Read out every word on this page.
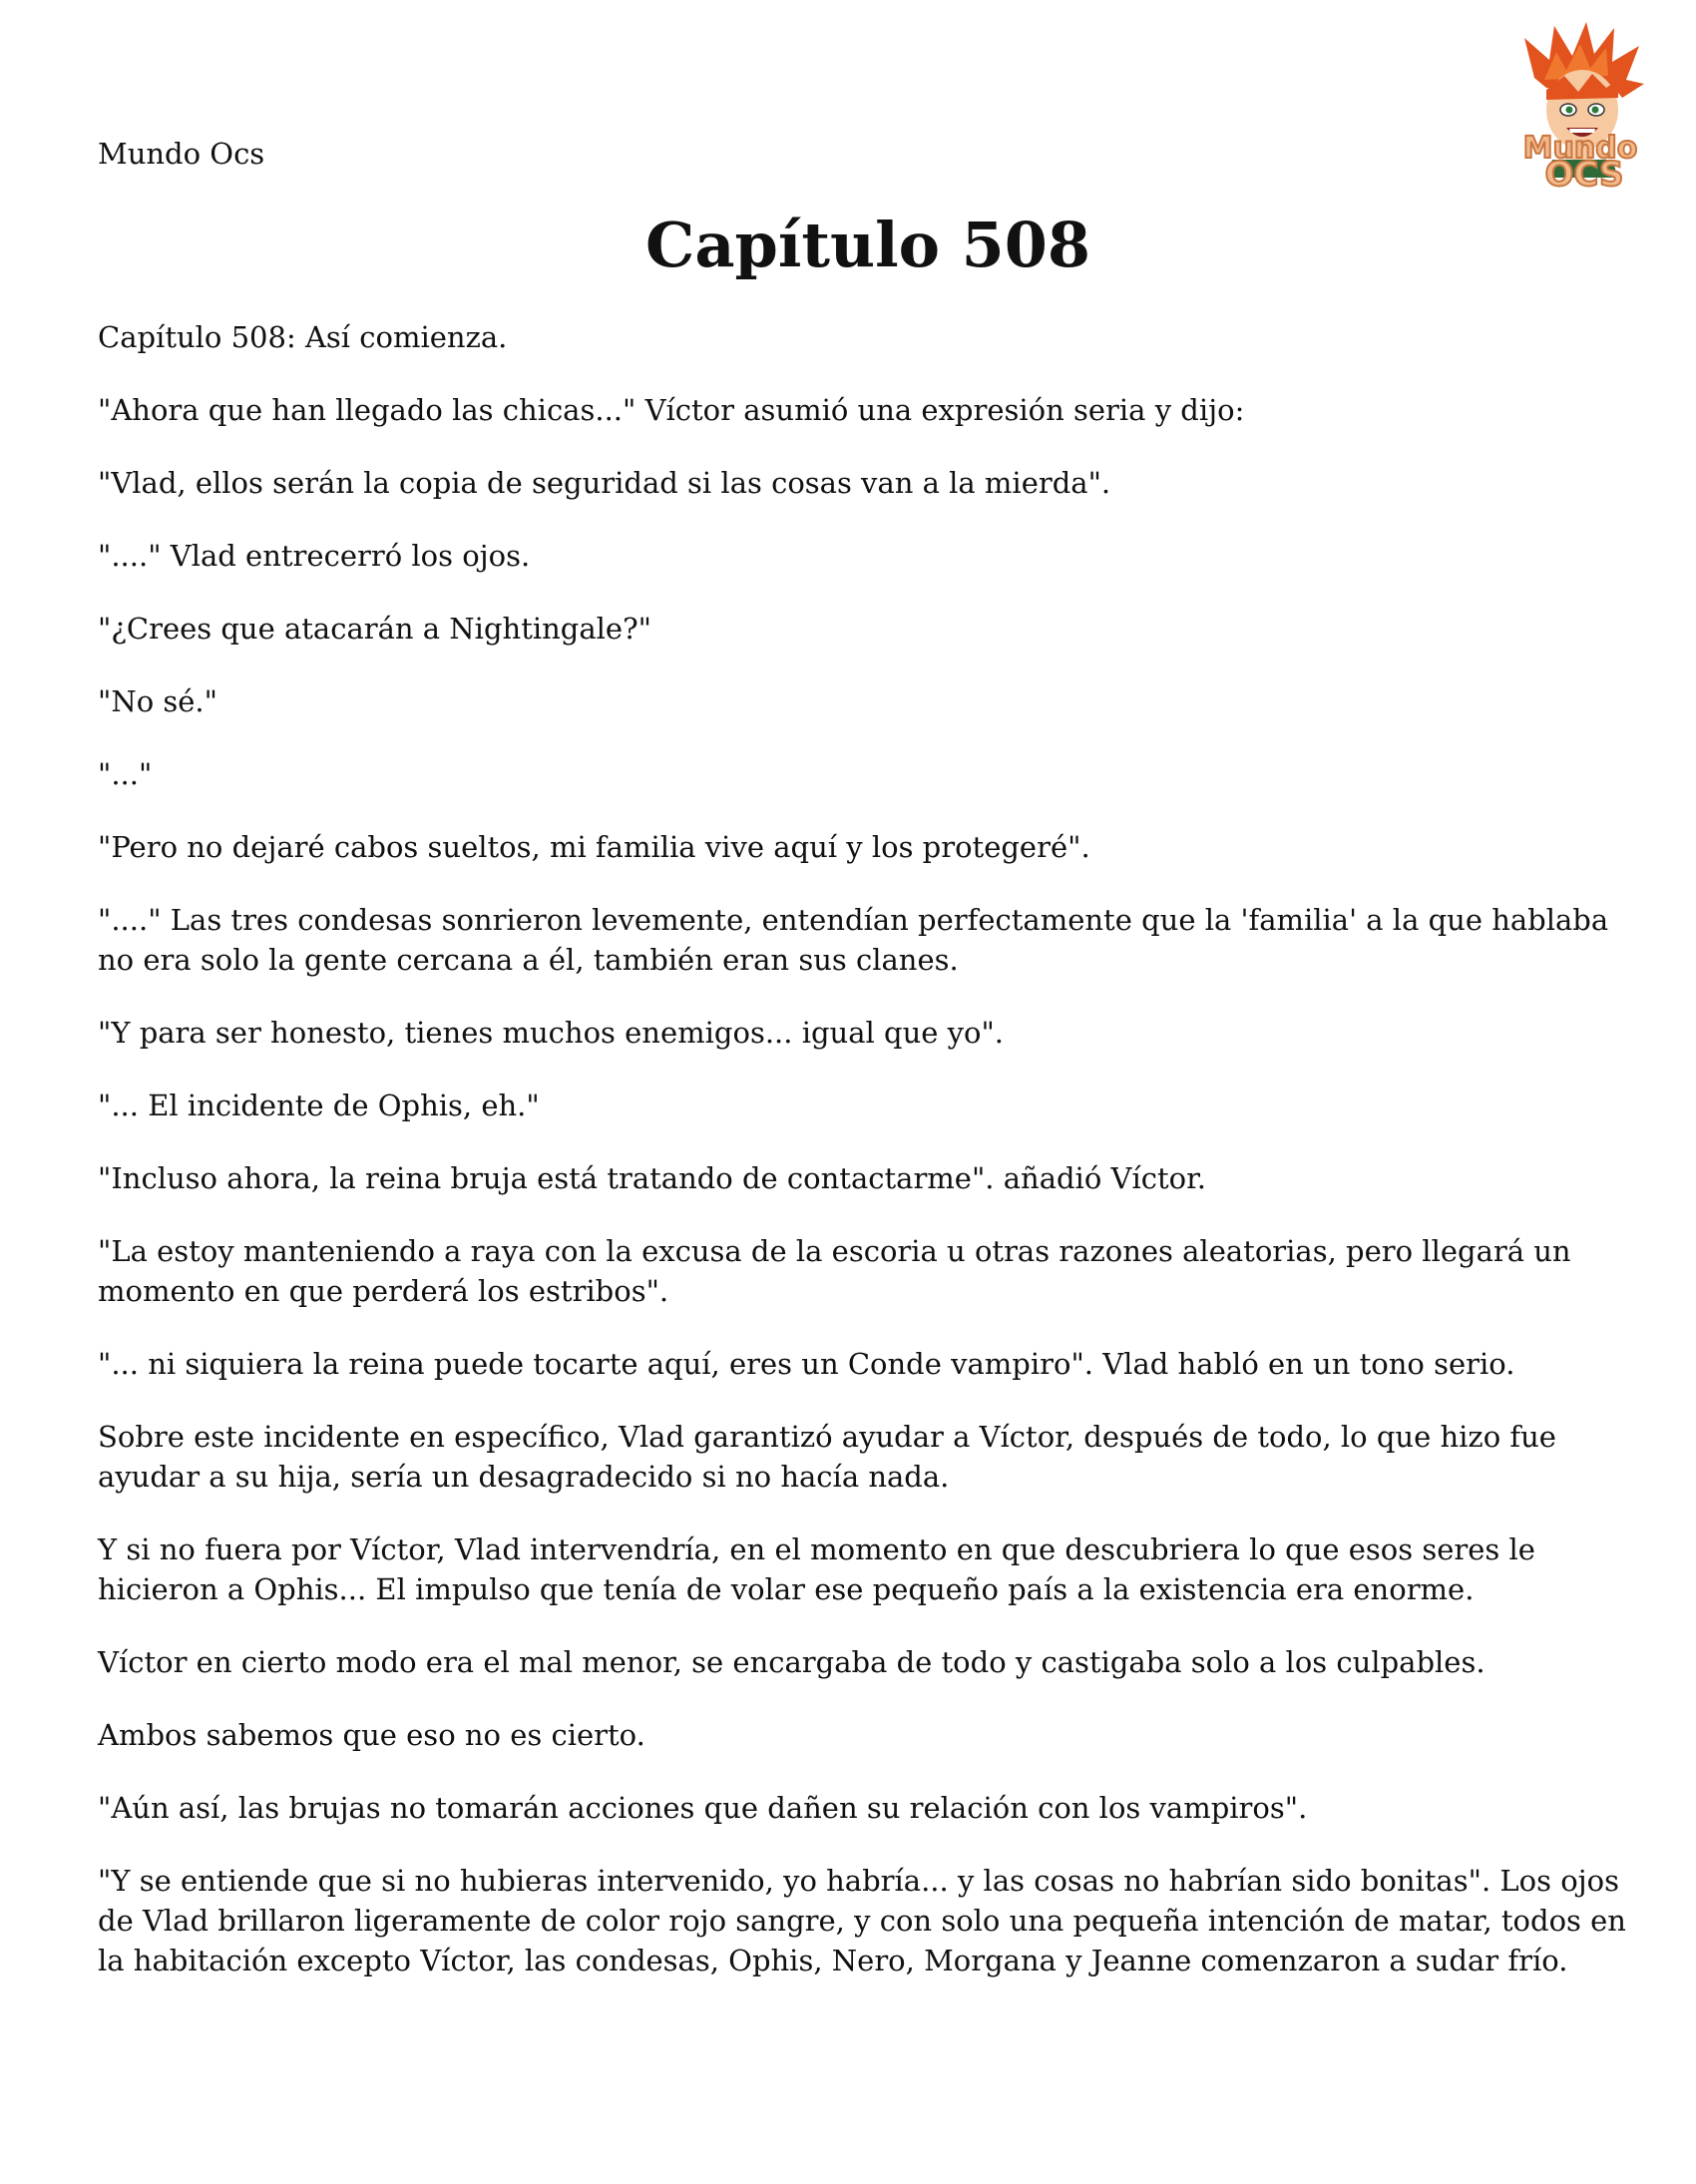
Mundo Ocs	Mundo
OCS
Capítulo 508

Capítulo 508: Así comienza.

"Ahora que han llegado las chicas..." Víctor asumió una expresión seria y dijo:

"Vlad, ellos serán la copia de seguridad si las cosas van a la mierda".

"...." Vlad entrecerró los ojos.

"¿Crees que atacarán a Nightingale?"

"No sé."

"..."

"Pero no dejaré cabos sueltos, mi familia vive aquí y los protegeré".

"...." Las tres condesas sonrieron levemente, entendían perfectamente que la 'familia' a la que hablaba no era solo la gente cercana a él, también eran sus clanes.

"Y para ser honesto, tienes muchos enemigos... igual que yo".

"... El incidente de Ophis, eh."

"Incluso ahora, la reina bruja está tratando de contactarme". añadió Víctor.

"La estoy manteniendo a raya con la excusa de la escoria u otras razones aleatorias, pero llegará un momento en que perderá los estribos".

"... ni siquiera la reina puede tocarte aquí, eres un Conde vampiro". Vlad habló en un tono serio.

Sobre este incidente en específico, Vlad garantizó ayudar a Víctor, después de todo, lo que hizo fue ayudar a su hija, sería un desagradecido si no hacía nada.

Y si no fuera por Víctor, Vlad intervendría, en el momento en que descubriera lo que esos seres le hicieron a Ophis... El impulso que tenía de volar ese pequeño país a la existencia era enorme.

Víctor en cierto modo era el mal menor, se encargaba de todo y castigaba solo a los culpables.

Ambos sabemos que eso no es cierto.

"Aún así, las brujas no tomarán acciones que dañen su relación con los vampiros".

"Y se entiende que si no hubieras intervenido, yo habría... y las cosas no habrían sido bonitas". Los ojos de Vlad brillaron ligeramente de color rojo sangre, y con solo una pequeña intención de matar, todos en la habitación excepto Víctor, las condesas, Ophis, Nero, Morgana y Jeanne comenzaron a sudar frío.
